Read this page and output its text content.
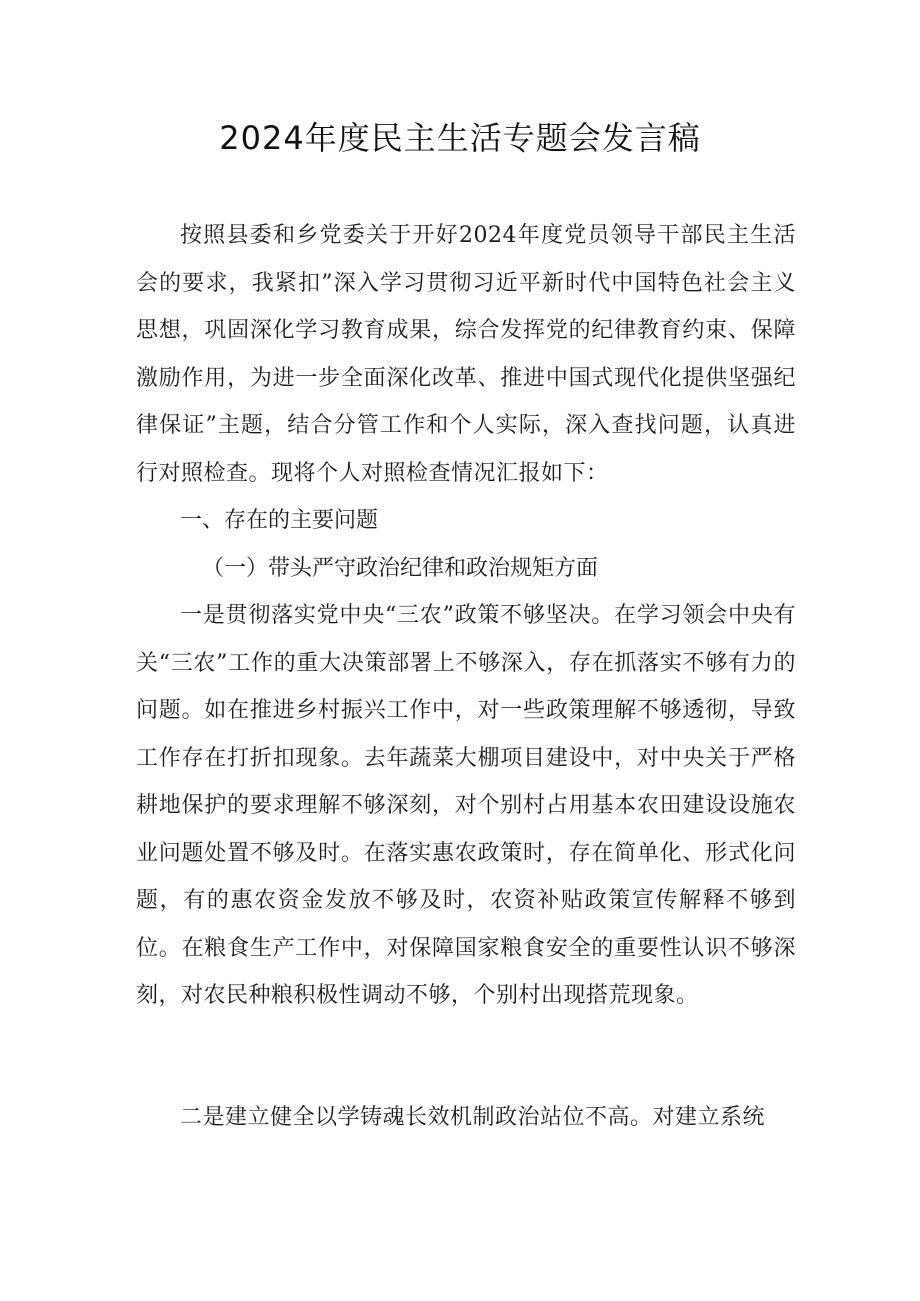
2024年度民主生活专题会发言稿

按照县委和乡党委关于开好2024年度党员领导干部民主生活会的要求，我紧扣”深入学习贯彻习近平新时代中国特色社会主义思想，巩固深化学习教育成果，综合发挥党的纪律教育约束、保障激励作用，为进一步全面深化改革、推进中国式现代化提供坚强纪律保证”主题，结合分管工作和个人实际，深入查找问题，认真进行对照检查。现将个人对照检查情况汇报如下：

一、存在的主要问题

（一）带头严守政治纪律和政治规矩方面

一是贯彻落实党中央“三农”政策不够坚决。在学习领会中央有关“三农”工作的重大决策部署上不够深入，存在抓落实不够有力的问题。如在推进乡村振兴工作中，对一些政策理解不够透彻，导致工作存在打折扣现象。去年蔬菜大棚项目建设中，对中央关于严格耕地保护的要求理解不够深刻，对个别村占用基本农田建设设施农业问题处置不够及时。在落实惠农政策时，存在简单化、形式化问题，有的惠农资金发放不够及时，农资补贴政策宣传解释不够到位。在粮食生产工作中，对保障国家粮食安全的重要性认识不够深刻，对农民种粮积极性调动不够，个别村出现搭荒现象。

二是建立健全以学铸魂长效机制政治站位不高。对建立系统
